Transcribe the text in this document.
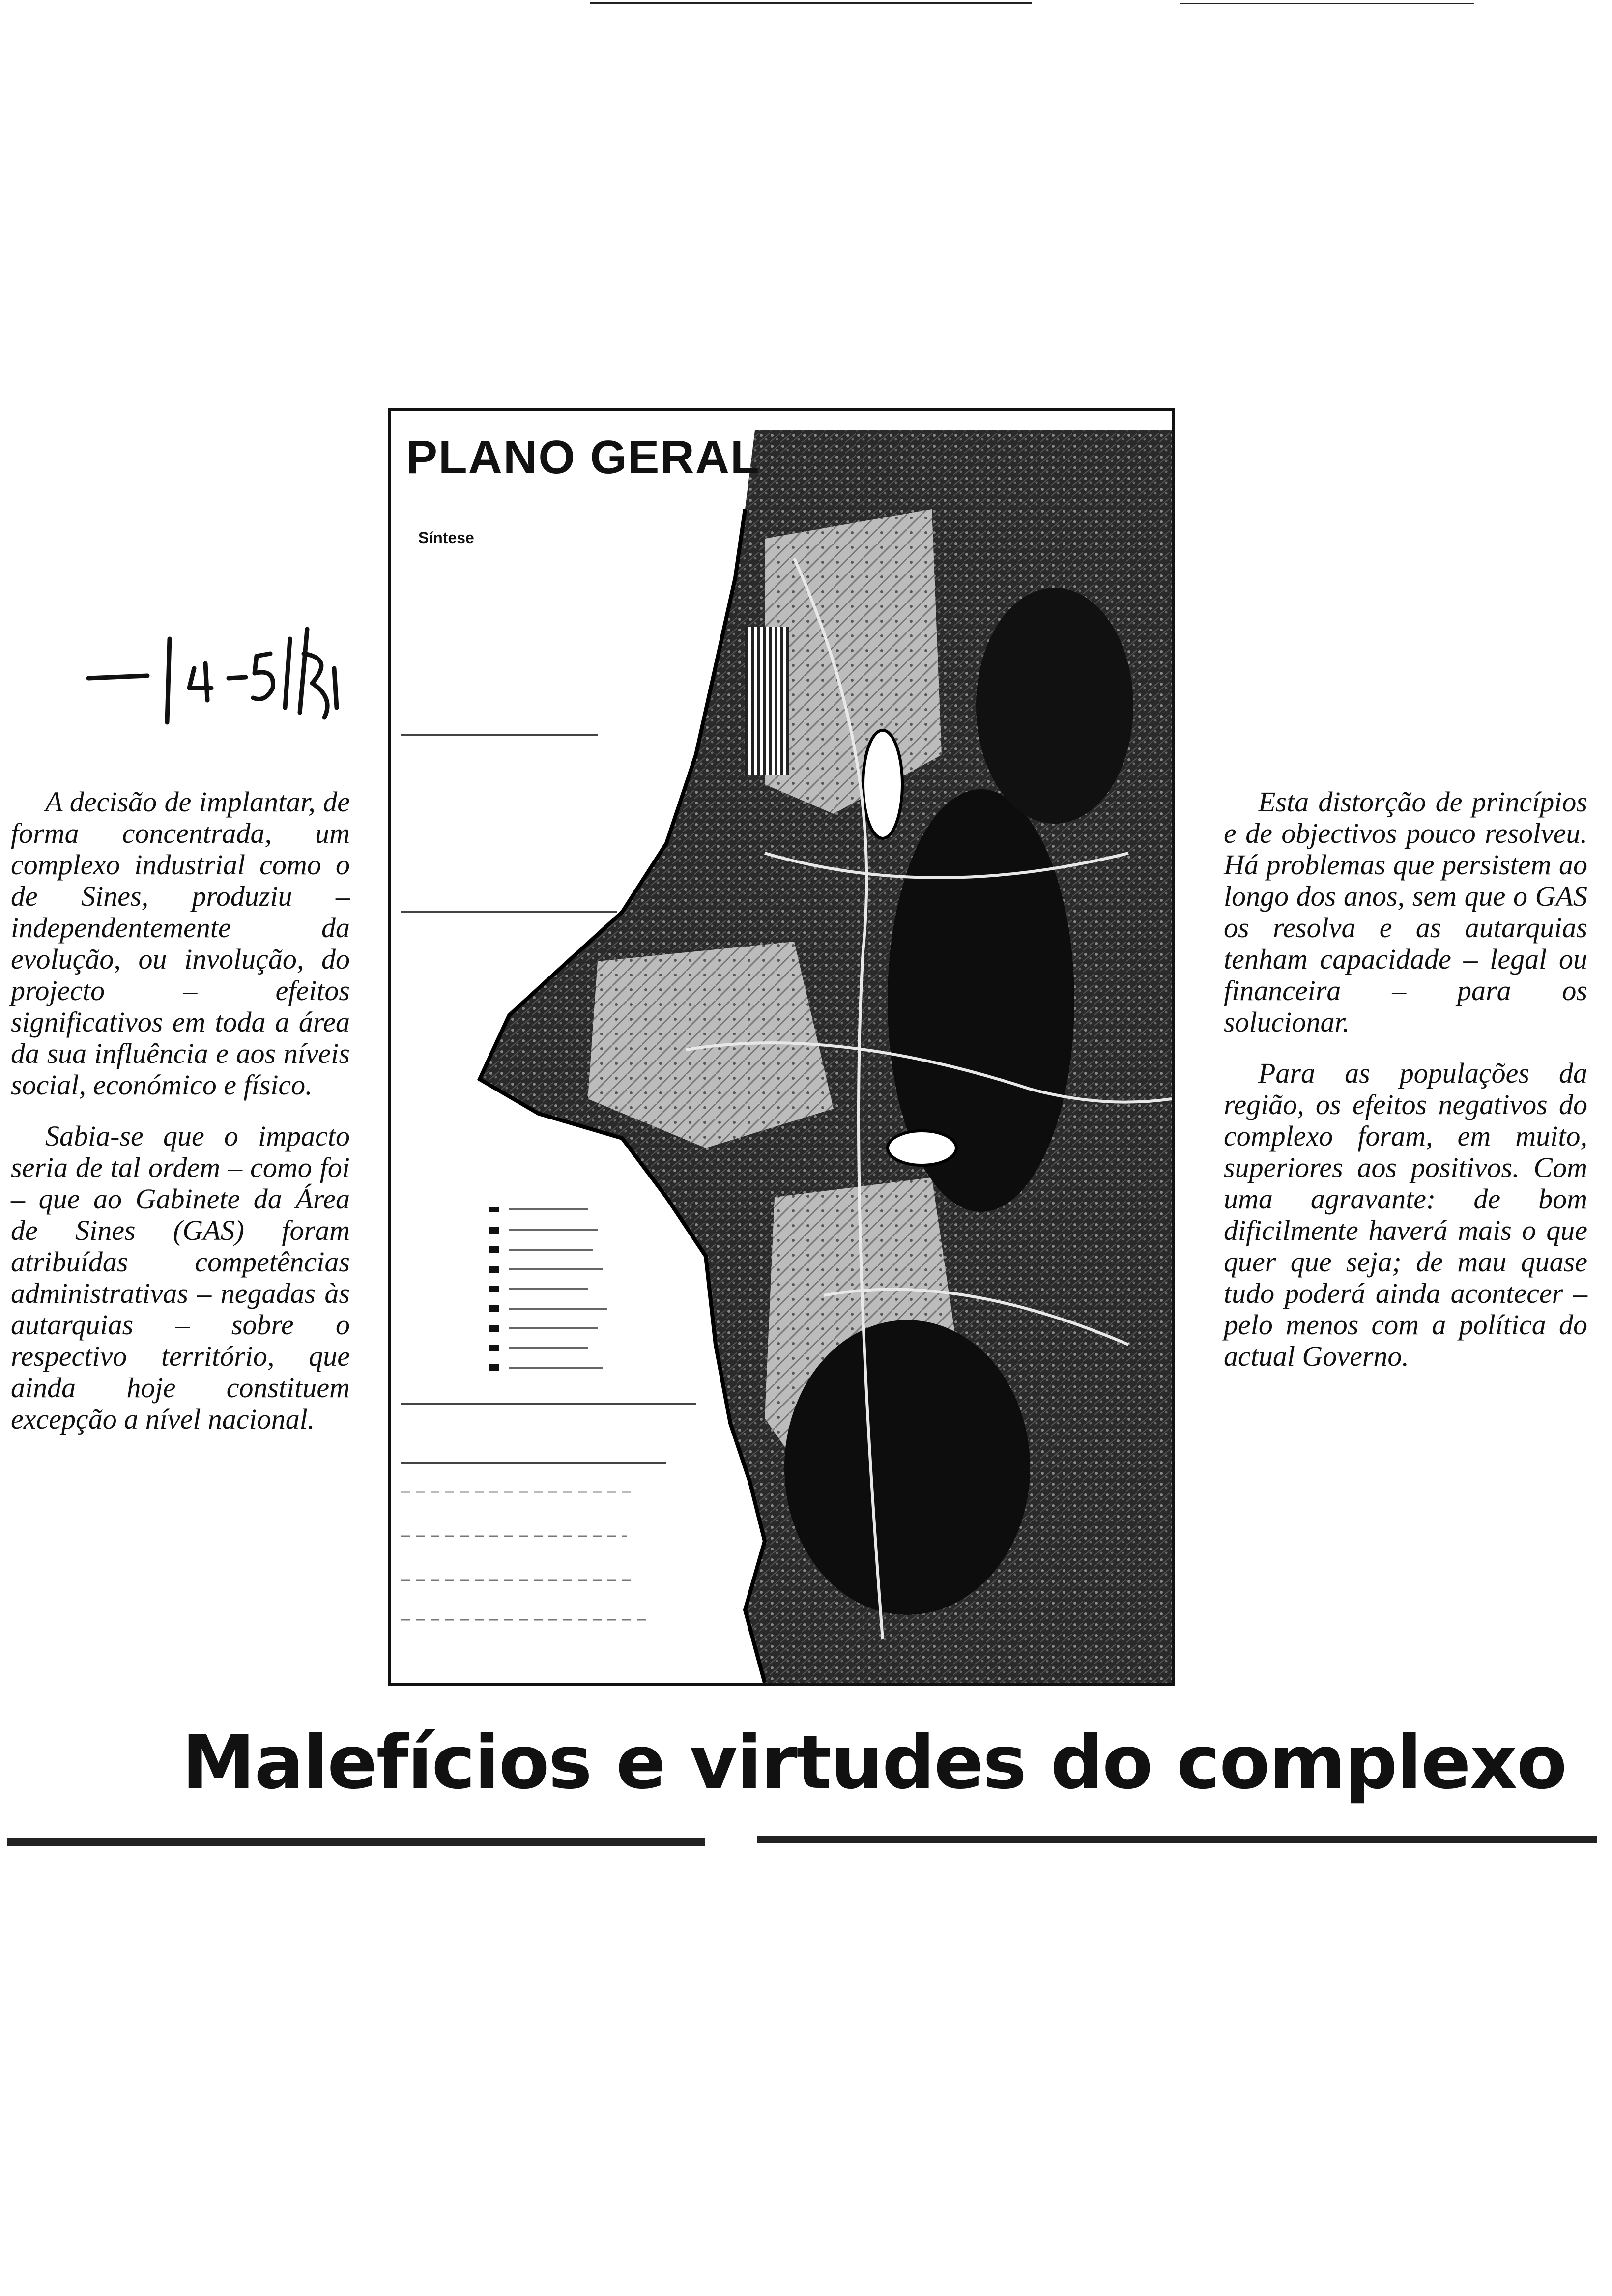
A decisão de implantar, de forma concentrada, um complexo industrial como o de Sines, produziu – independentemente da evolução, ou involução, do projecto – efeitos significativos em toda a área da sua influência e aos níveis social, económico e físico.

Sabia-se que o impacto seria de tal ordem – como foi – que ao Gabinete da Área de Sines (GAS) foram atribuídas competências administrativas – negadas às autarquias – sobre o respectivo território, que ainda hoje constituem excepção a nível nacional.

PLANO GERAL
Síntese

Esta distorção de princípios e de objectivos pouco resolveu. Há problemas que persistem ao longo dos anos, sem que o GAS os resolva e as autarquias tenham capacidade – legal ou financeira – para os solucionar.

Para as populações da região, os efeitos negativos do complexo foram, em muito, superiores aos positivos. Com uma agravante: de bom dificilmente haverá mais o que quer que seja; de mau quase tudo poderá ainda acontecer – pelo menos com a política do actual Governo.

Malefícios e virtudes do complexo
